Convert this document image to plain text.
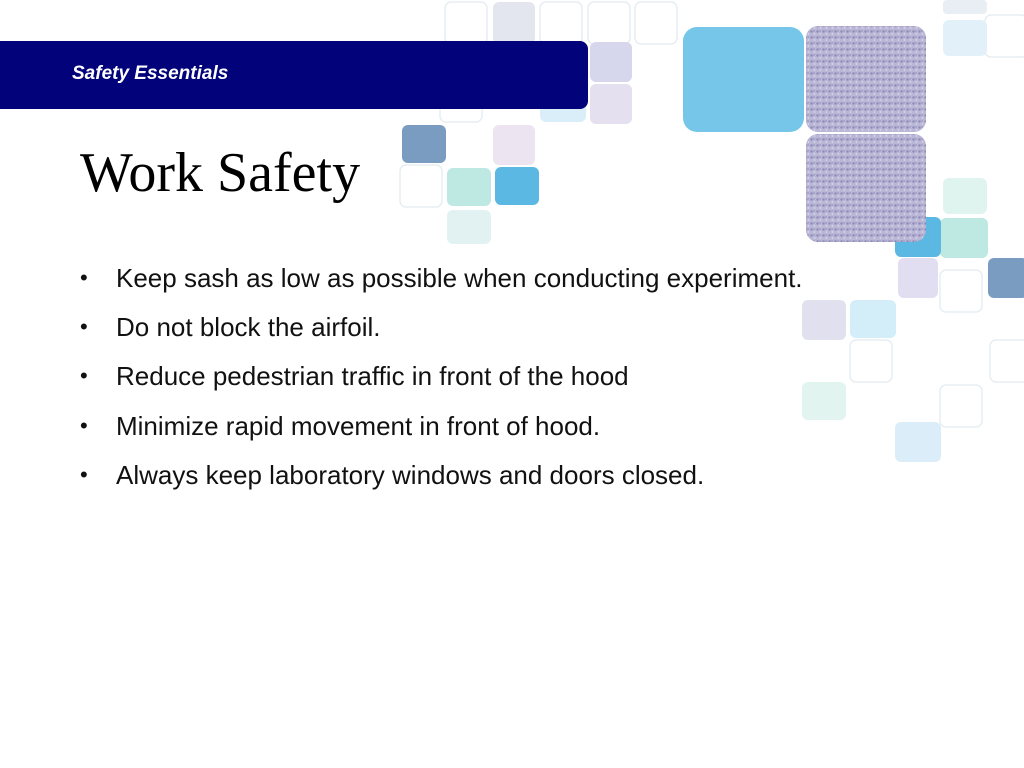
Safety Essentials
Work Safety
•	Keep sash as low as possible when conducting experiment.
•	Do not block the airfoil.
•	Reduce pedestrian traffic in front of the hood
•	Minimize rapid movement in front of hood.
•	Always keep laboratory windows and doors closed.
